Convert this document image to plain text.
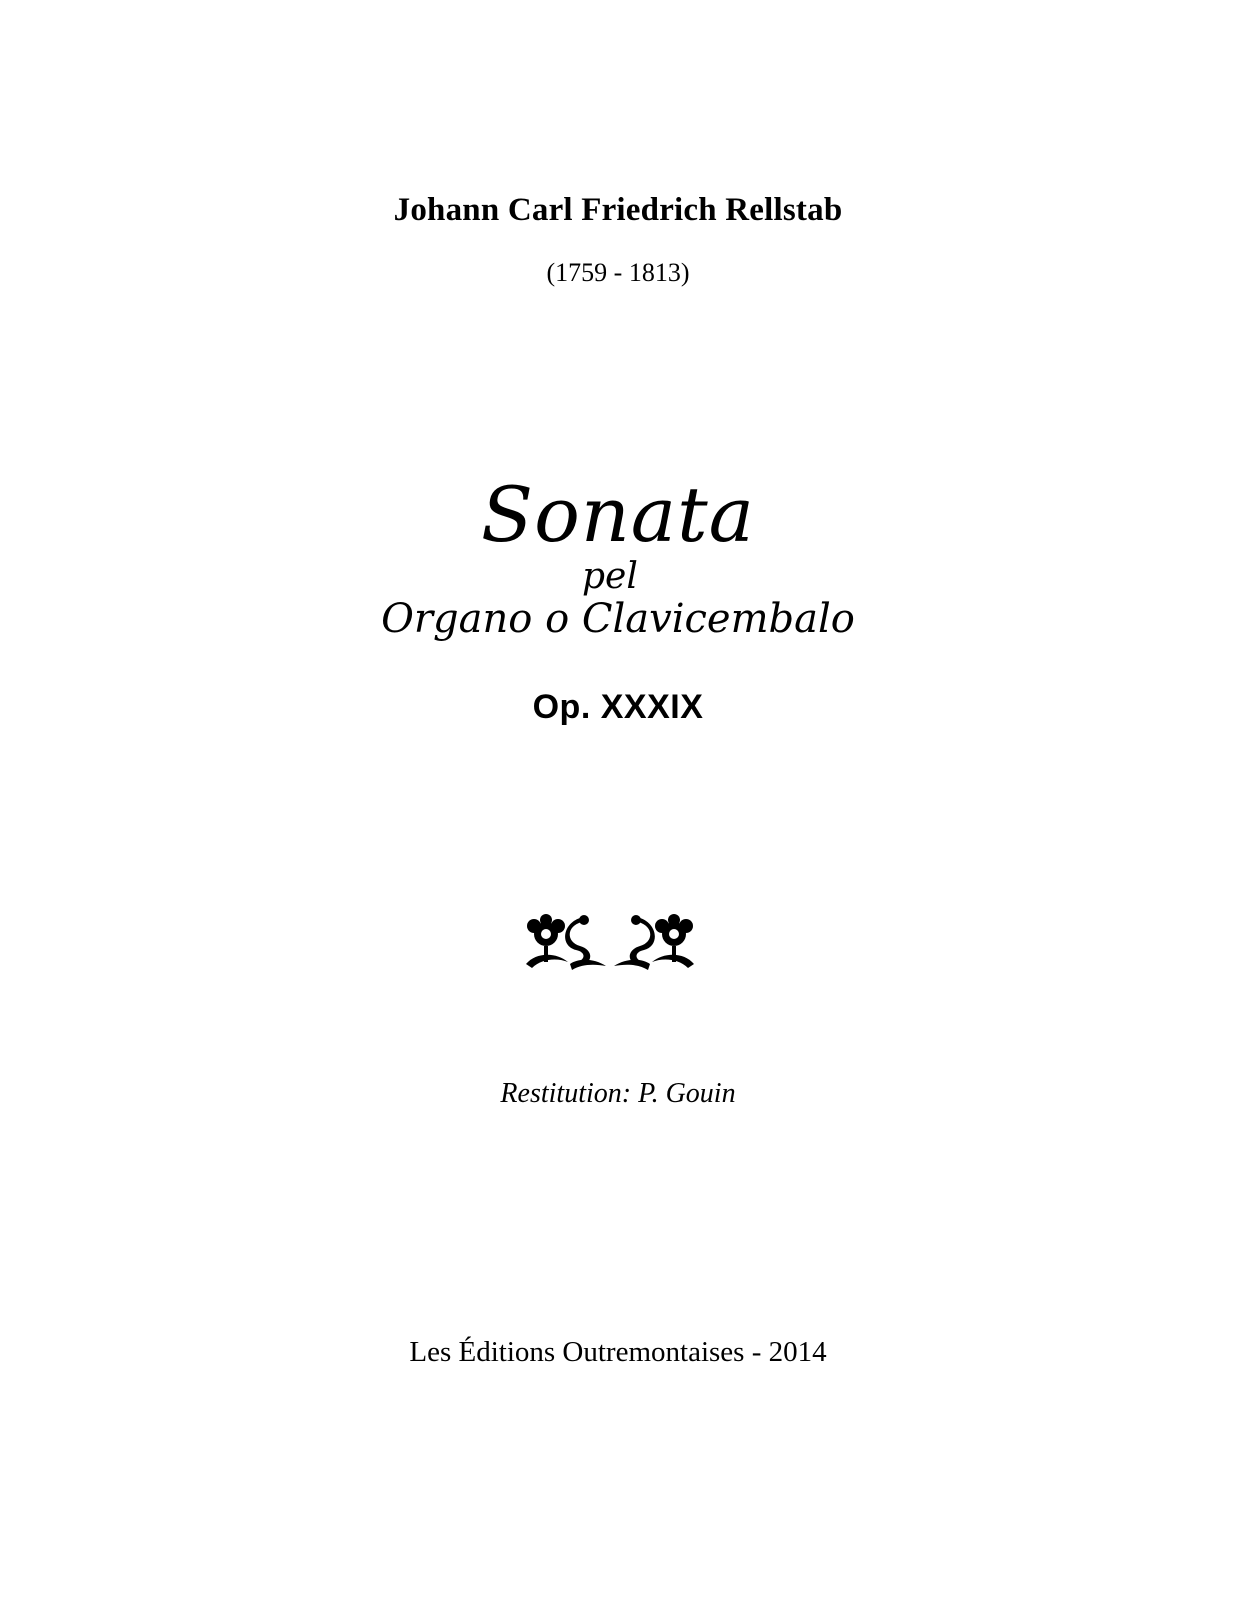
Johann Carl Friedrich Rellstab
(1759 - 1813)
Sonata
pel
Organo o Clavicembalo
Op. XXXIX
Restitution: P. Gouin
Les Éditions Outremontaises - 2014
